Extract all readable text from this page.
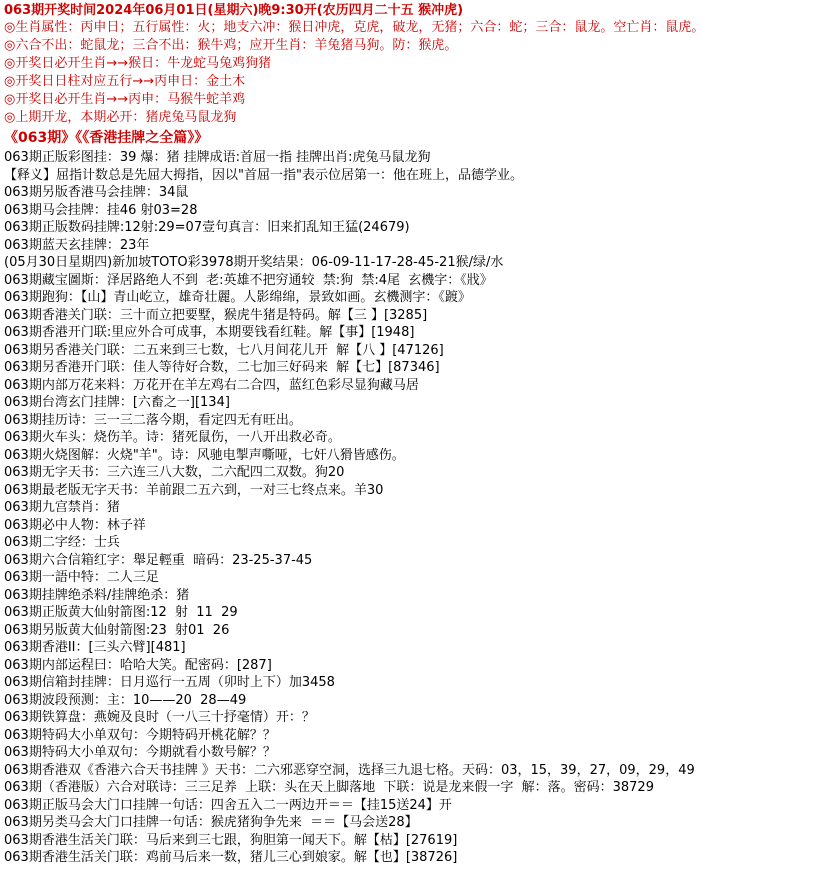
063期开奖时间2024年06月01日(星期六)晚9:30开(农历四月二十五 猴冲虎)
◎生肖属性：丙申日；五行属性：火；地支六冲：猴日冲虎，克虎，破龙，无猪；六合：蛇；三合：鼠龙。空亡肖：鼠虎。
◎六合不出：蛇鼠龙；三合不出：猴牛鸡；应开生肖：羊兔猪马狗。防：猴虎。
◎开奖日必开生肖→→猴日：牛龙蛇马兔鸡狗猪
◎开奖日日柱对应五行→→丙申日：金土木
◎开奖日必开生肖→→丙申：马猴牛蛇羊鸡
◎上期开龙，本期必开：猪虎兔马鼠龙狗
《063期》《《香港挂牌之全篇》》
063期正版彩图挂：39 爆：猪 挂牌成语:首屈一指 挂牌出肖:虎兔马鼠龙狗
【释义】屈指计数总是先屈大拇指，因以"首屈一指"表示位居第一：他在班上，品德学业。
063期另版香港马会挂牌：34鼠
063期马会挂牌：挂46 射03=28
063期正版数码挂牌:12射:29=07壹句真言：旧来扪乱知王猛(24679)
063期蓝天玄挂牌：23年
(05月30日星期四)新加坡TOTO彩3978期开奖结果：06-09-11-17-28-45-21猴/绿/水
063期藏宝圖斯：泽居路绝人不到  老:英雄不把穷通较  禁:狗  禁:4尾  玄機字：《戕》
063期跑狗：【山】青山屹立，雄奇壮麗。人影绵绵，景致如画。玄機测字：《踱》
063期香港关门联：三十而立把要墅，猴虎牛猪是特码。解【三 】[3285]
063期香港开门联:里应外合可成事，本期要钱看红鞋。解【事】[1948]
063期另香港关门联：二五来到三七数，七八月间花儿开  解【八 】[47126]
063期另香港开门联：佳人等待好合数，二七加三好码来  解【七】[87346]
063期内部万花来料：万花开在羊左鸡右二合四，蓝红色彩尽显狗藏马居
063期台湾玄门挂牌：[六畜之一][134]
063期挂历诗：三一三二落今期，看定四无有旺出。
063期火车头：烧伤羊。诗：猪死鼠伤，一八开出救必奇。
063期火烧图解：火烧"羊"。诗：风驰电掣声嘶哑，七奸八猾皆感伤。
063期无字天书：三六连三八大数，二六配四二双数。狗20
063期最老版无字天书：羊前跟二五六到，一对三七终点来。羊30
063期九宫禁肖：猪
063期必中人物：林子祥
063期二字经：士兵
063期六合信箱红字：舉足輕重  暗码：23-25-37-45
063期一語中特：二人三足
063期挂牌绝杀料/挂牌绝杀：猪
063期正版黄大仙射箭图:12  射  11  29
063期另版黄大仙射箭图:23  射01  26
063期香港II：[三头六臂][481]
063期内部运程曰：哈哈大笑。配密码：[287]
063期信箱封挂牌：日月巡行一五周（卯时上下）加3458
063期波段预测：主：10——20  28—49
063期铁算盘：燕婉及良时（一八三十抒毫情）开：？
063期特码大小单双句：今期特码开桃花解？？
063期特码大小单双句：今期就看小数号解？？
063期香港双《香港六合天书挂牌 》天书：二六邪恶穿空洞，选择三九退七格。天码：03，15，39，27，09，29，49
063期（香港版）六合对联诗：三三足养  上联：头在天上脚落地  下联：说是龙来假一字  解：落。密码：38729
063期正版马会大门口挂牌一句话：四舍五入二一两边开＝＝【挂15送24】开
063期另类马会大门口挂牌一句话：猴虎猪狗争先来  ＝＝【马会送28】
063期香港生活关门联：马后来到三七跟，狗胆第一闻天下。解【枯】[27619]
063期香港生活关门联：鸡前马后来一数，猪儿三心到娘家。解【也】[38726]
